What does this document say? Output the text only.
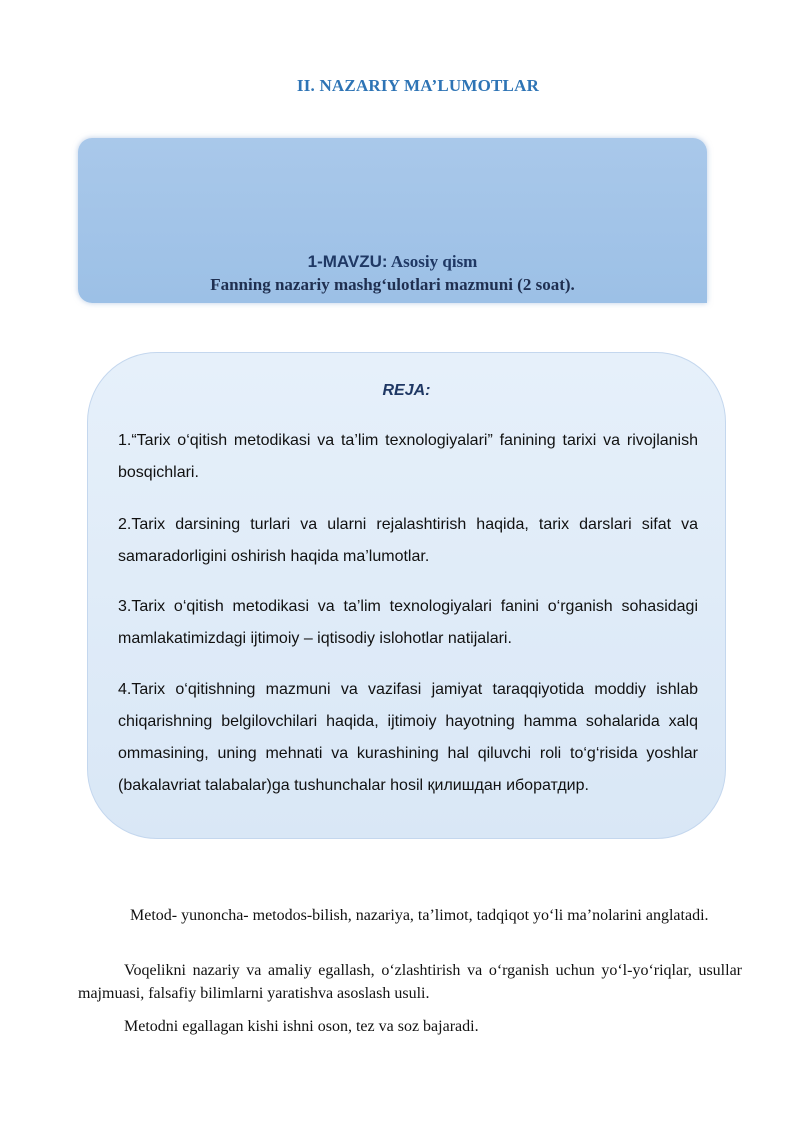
II. NAZARIY MA’LUMOTLAR
1-MAVZU: Asosiy qism
Fanning nazariy mashg‘ulotlari mazmuni (2 soat).
REJA:
1.“Tarix o‘qitish metodikasi va ta’lim texnologiyalari” fanining tarixi va rivojlanish bosqichlari.
2.Tarix darsining turlari va ularni rejalashtirish haqida, tarix darslari sifat va samaradorligini oshirish haqida ma’lumotlar.
3.Tarix o‘qitish metodikasi va ta’lim texnologiyalari fanini o‘rganish sohasidagi mamlakatimizdagi ijtimoiy – iqtisodiy islohotlar natijalari.
4.Tarix o‘qitishning mazmuni va vazifasi jamiyat taraqqiyotida moddiy ishlab chiqarishning belgilovchilari haqida, ijtimoiy hayotning hamma sohalarida xalq ommasining, uning mehnati va kurashining hal qiluvchi roli to‘g‘risida yoshlar (bakalavriat talabalar)ga tushunchalar hosil қилишдан иборатдир.
Metod- yunoncha- metodos-bilish, nazariya, ta’limot, tadqiqot yo‘li ma’nolarini anglatadi.
Voqelikni nazariy va amaliy egallash, o‘zlashtirish va o‘rganish uchun yo‘l-yo‘riqlar, usullar majmuasi, falsafiy bilimlarni yaratishva asoslash usuli.
Metodni egallagan kishi ishni oson, tez va soz bajaradi.
